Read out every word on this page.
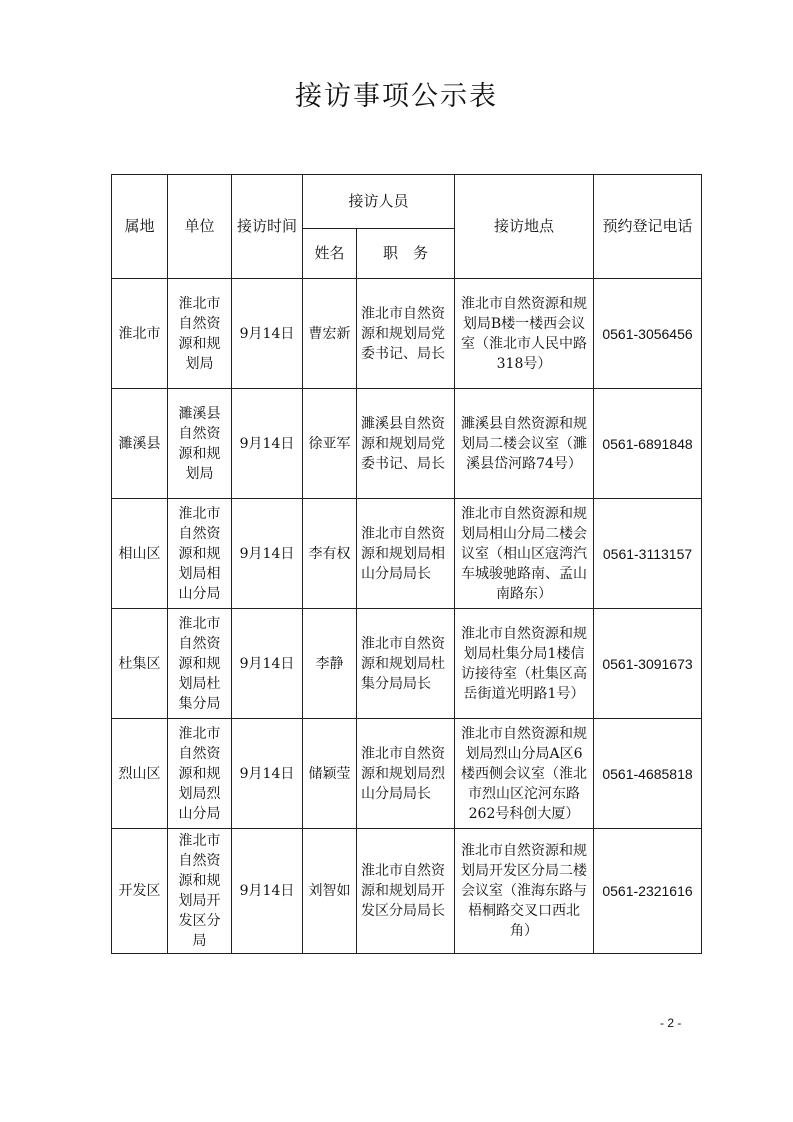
接访事项公示表
属地	单位	接访时间	接访人员		接访地点	预约登记电话
			姓名	职　务		
淮北市	淮北市自然资源和规划局	9月14日	曹宏新	淮北市自然资源和规划局党委书记、局长	淮北市自然资源和规划局B楼一楼西会议室（淮北市人民中路318号）	0561-3056456
濉溪县	濉溪县自然资源和规划局	9月14日	徐亚军	濉溪县自然资源和规划局党委书记、局长	濉溪县自然资源和规划局二楼会议室（濉溪县岱河路74号）	0561-6891848
相山区	淮北市自然资源和规划局相山分局	9月14日	李有权	淮北市自然资源和规划局相山分局局长	淮北市自然资源和规划局相山分局二楼会议室（相山区寇湾汽车城骏驰路南、孟山南路东）	0561-3113157
杜集区	淮北市自然资源和规划局杜集分局	9月14日	李静	淮北市自然资源和规划局杜集分局局长	淮北市自然资源和规划局杜集分局1楼信访接待室（杜集区高岳街道光明路1号）	0561-3091673
烈山区	淮北市自然资源和规划局烈山分局	9月14日	储颖莹	淮北市自然资源和规划局烈山分局局长	淮北市自然资源和规划局烈山分局A区6楼西侧会议室（淮北市烈山区沱河东路262号科创大厦）	0561-4685818
开发区	淮北市自然资源和规划局开发区分局	9月14日	刘智如	淮北市自然资源和规划局开发区分局局长	淮北市自然资源和规划局开发区分局二楼会议室（淮海东路与梧桐路交叉口西北角）	0561-2321616
- 2 -
